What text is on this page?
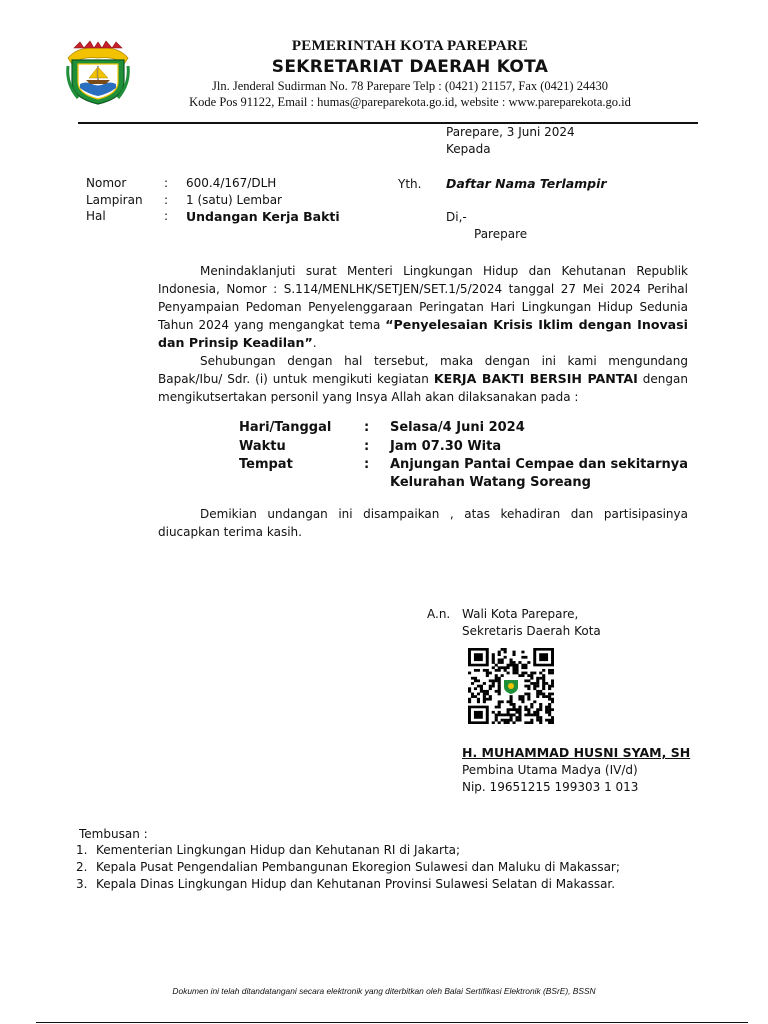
PEMERINTAH KOTA PAREPARE
SEKRETARIAT DAERAH KOTA
Jln. Jenderal Sudirman No. 78 Parepare Telp : (0421) 21157, Fax (0421) 24430
Kode Pos 91122, Email : humas@pareparekota.go.id, website : www.pareparekota.go.id
Parepare, 3 Juni 2024
Kepada
Nomor	: 600.4/167/DLH
Lampiran : 1 (satu) Lembar
Hal	: Undangan Kerja Bakti
Yth. Daftar Nama Terlampir
Di,-
Parepare
Menindaklanjuti surat Menteri Lingkungan Hidup dan Kehutanan Republik Indonesia, Nomor : S.114/MENLHK/SETJEN/SET.1/5/2024 tanggal 27 Mei 2024 Perihal Penyampaian Pedoman Penyelenggaraan Peringatan Hari Lingkungan Hidup Sedunia Tahun 2024 yang mengangkat tema “Penyelesaian Krisis Iklim dengan Inovasi dan Prinsip Keadilan”.
Sehubungan dengan hal tersebut, maka dengan ini kami mengundang Bapak/Ibu/ Sdr. (i) untuk mengikuti kegiatan KERJA BAKTI BERSIH PANTAI dengan mengikutsertakan personil yang Insya Allah akan dilaksanakan pada :
Hari/Tanggal	: Selasa/4 Juni 2024
Waktu	: Jam 07.30 Wita
Tempat	: Anjungan Pantai Cempae dan sekitarnya
Kelurahan Watang Soreang
Demikian undangan ini disampaikan , atas kehadiran dan partisipasinya diucapkan terima kasih.
A.n. Wali Kota Parepare,
Sekretaris Daerah Kota
H. MUHAMMAD HUSNI SYAM, SH
Pembina Utama Madya (IV/d)
Nip. 19651215 199303 1 013
Tembusan :
1. Kementerian Lingkungan Hidup dan Kehutanan RI di Jakarta;
2. Kepala Pusat Pengendalian Pembangunan Ekoregion Sulawesi dan Maluku di Makassar;
3. Kepala Dinas Lingkungan Hidup dan Kehutanan Provinsi Sulawesi Selatan di Makassar.
Dokumen ini telah ditandatangani secara elektronik yang diterbitkan oleh Balai Sertifikasi Elektronik (BSrE), BSSN
